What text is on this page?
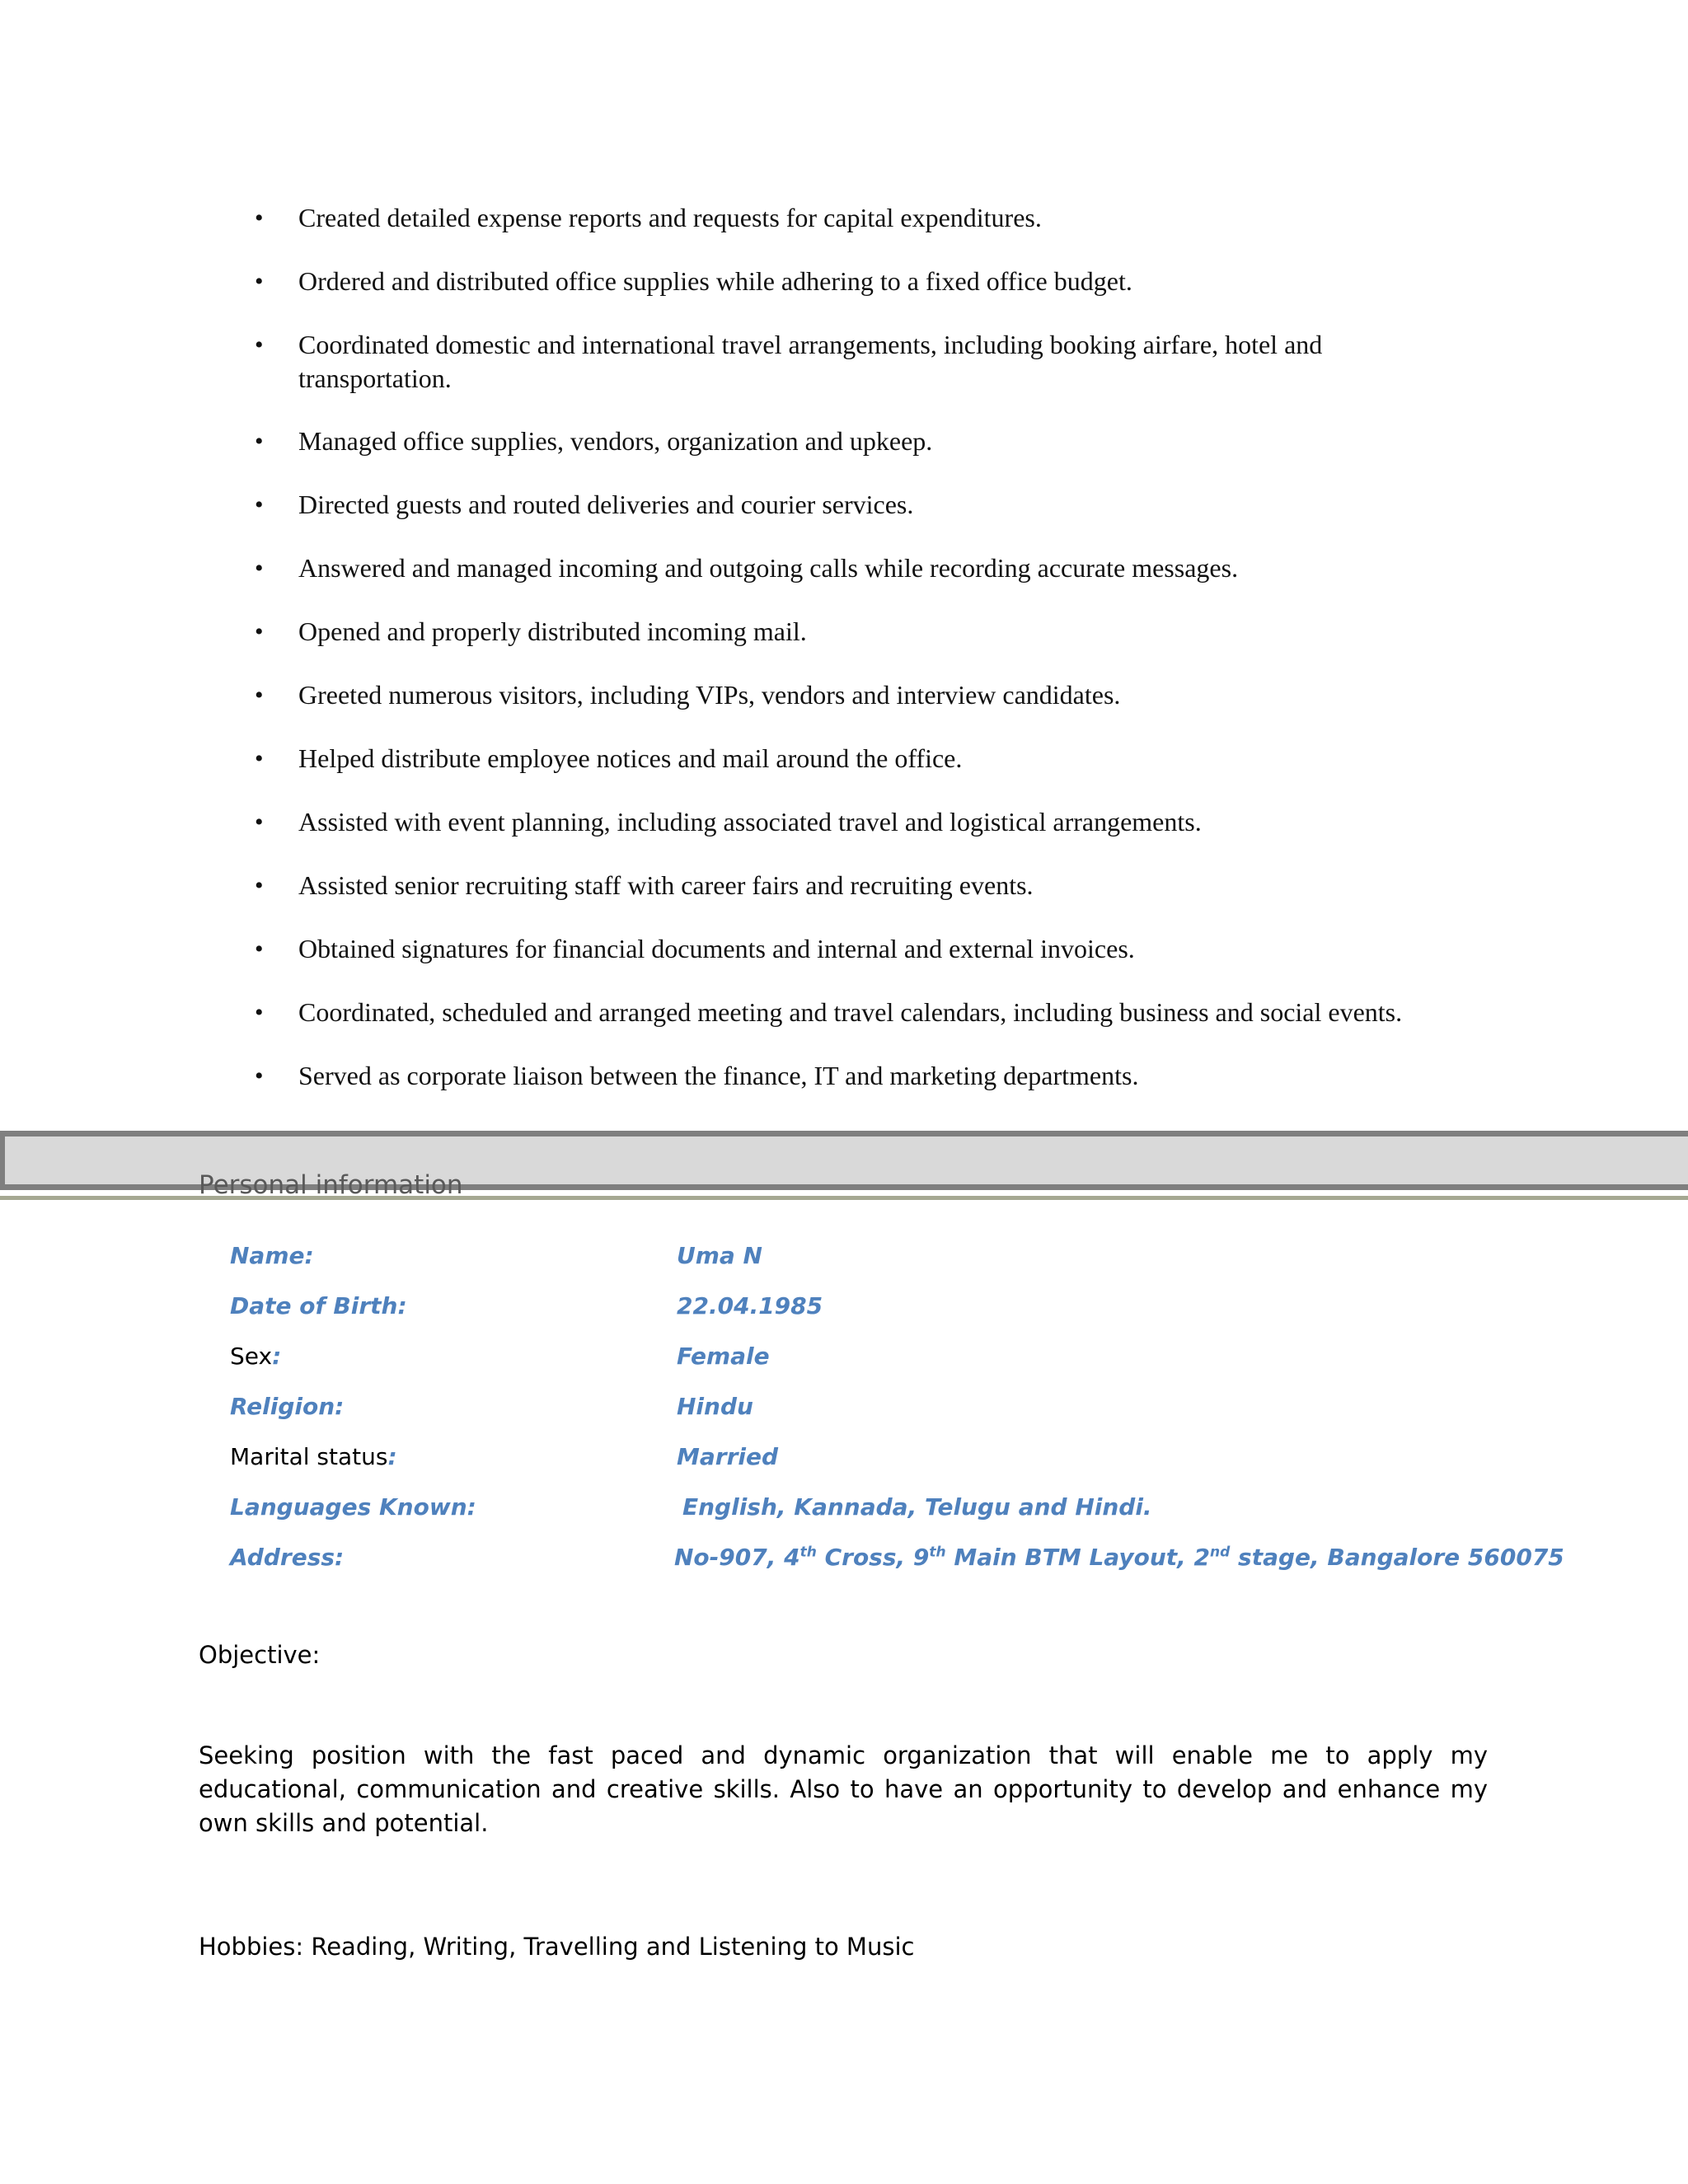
• Created detailed expense reports and requests for capital expenditures.
• Ordered and distributed office supplies while adhering to a fixed office budget.
• Coordinated domestic and international travel arrangements, including booking airfare, hotel and transportation.
• Managed office supplies, vendors, organization and upkeep.
• Directed guests and routed deliveries and courier services.
• Answered and managed incoming and outgoing calls while recording accurate messages.
• Opened and properly distributed incoming mail.
• Greeted numerous visitors, including VIPs, vendors and interview candidates.
• Helped distribute employee notices and mail around the office.
• Assisted with event planning, including associated travel and logistical arrangements.
• Assisted senior recruiting staff with career fairs and recruiting events.
• Obtained signatures for financial documents and internal and external invoices.
• Coordinated, scheduled and arranged meeting and travel calendars, including business and social events.
• Served as corporate liaison between the finance, IT and marketing departments.
Personal information
Name:	Uma N
Date of Birth:	22.04.1985
Sex:	Female
Religion:	Hindu
Marital status:	Married
Languages Known:	English, Kannada, Telugu and Hindi.
Address:	No-907, 4th Cross, 9th Main BTM Layout, 2nd stage, Bangalore 560075
Objective:

Seeking position with the fast paced and dynamic organization that will enable me to apply my educational, communication and creative skills. Also to have an opportunity to develop and enhance my own skills and potential.

Hobbies: Reading, Writing, Travelling and Listening to Music
